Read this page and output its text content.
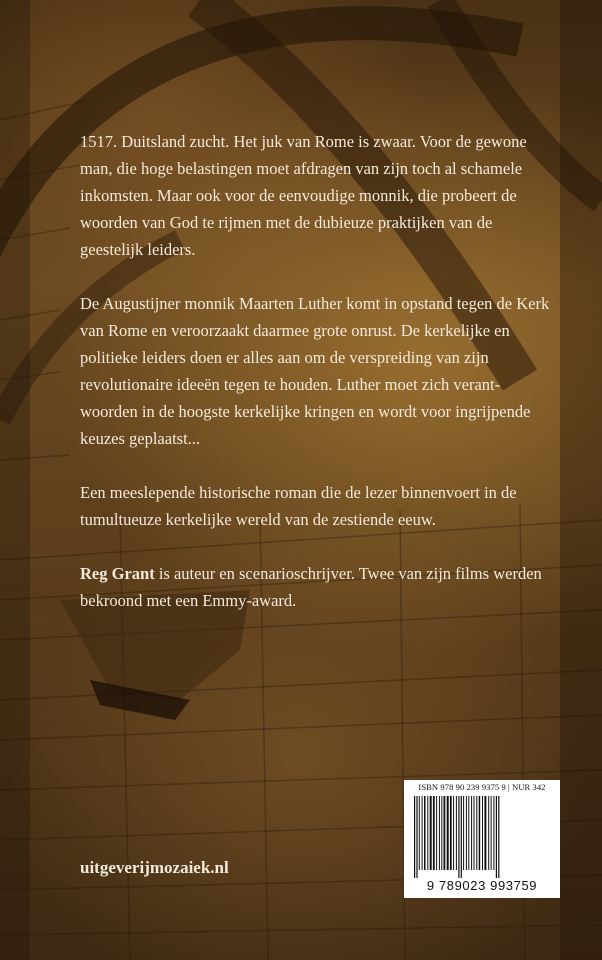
1517. Duitsland zucht. Het juk van Rome is zwaar. Voor de gewone man, die hoge belastingen moet afdragen van zijn toch al schamele inkomsten. Maar ook voor de eenvoudige monnik, die probeert de woorden van God te rijmen met de dubieuze praktijken van de geestelijk leiders.

De Augustijner monnik Maarten Luther komt in opstand tegen de Kerk van Rome en veroorzaakt daarmee grote onrust. De kerkelijke en politieke leiders doen er alles aan om de verspreiding van zijn revolutionaire ideeën tegen te houden. Luther moet zich verant-woorden in de hoogste kerkelijke kringen en wordt voor ingrijpende keuzes geplaatst...

Een meeslepende historische roman die de lezer binnenvoert in de tumultueuze kerkelijke wereld van de zestiende eeuw.

Reg Grant is auteur en scenarioschrijver. Twee van zijn films werden bekroond met een Emmy-award.

ISBN 978 90 239 9375 9 | NUR 342
9 789023 993759
uitgeverijmozaiek.nl
